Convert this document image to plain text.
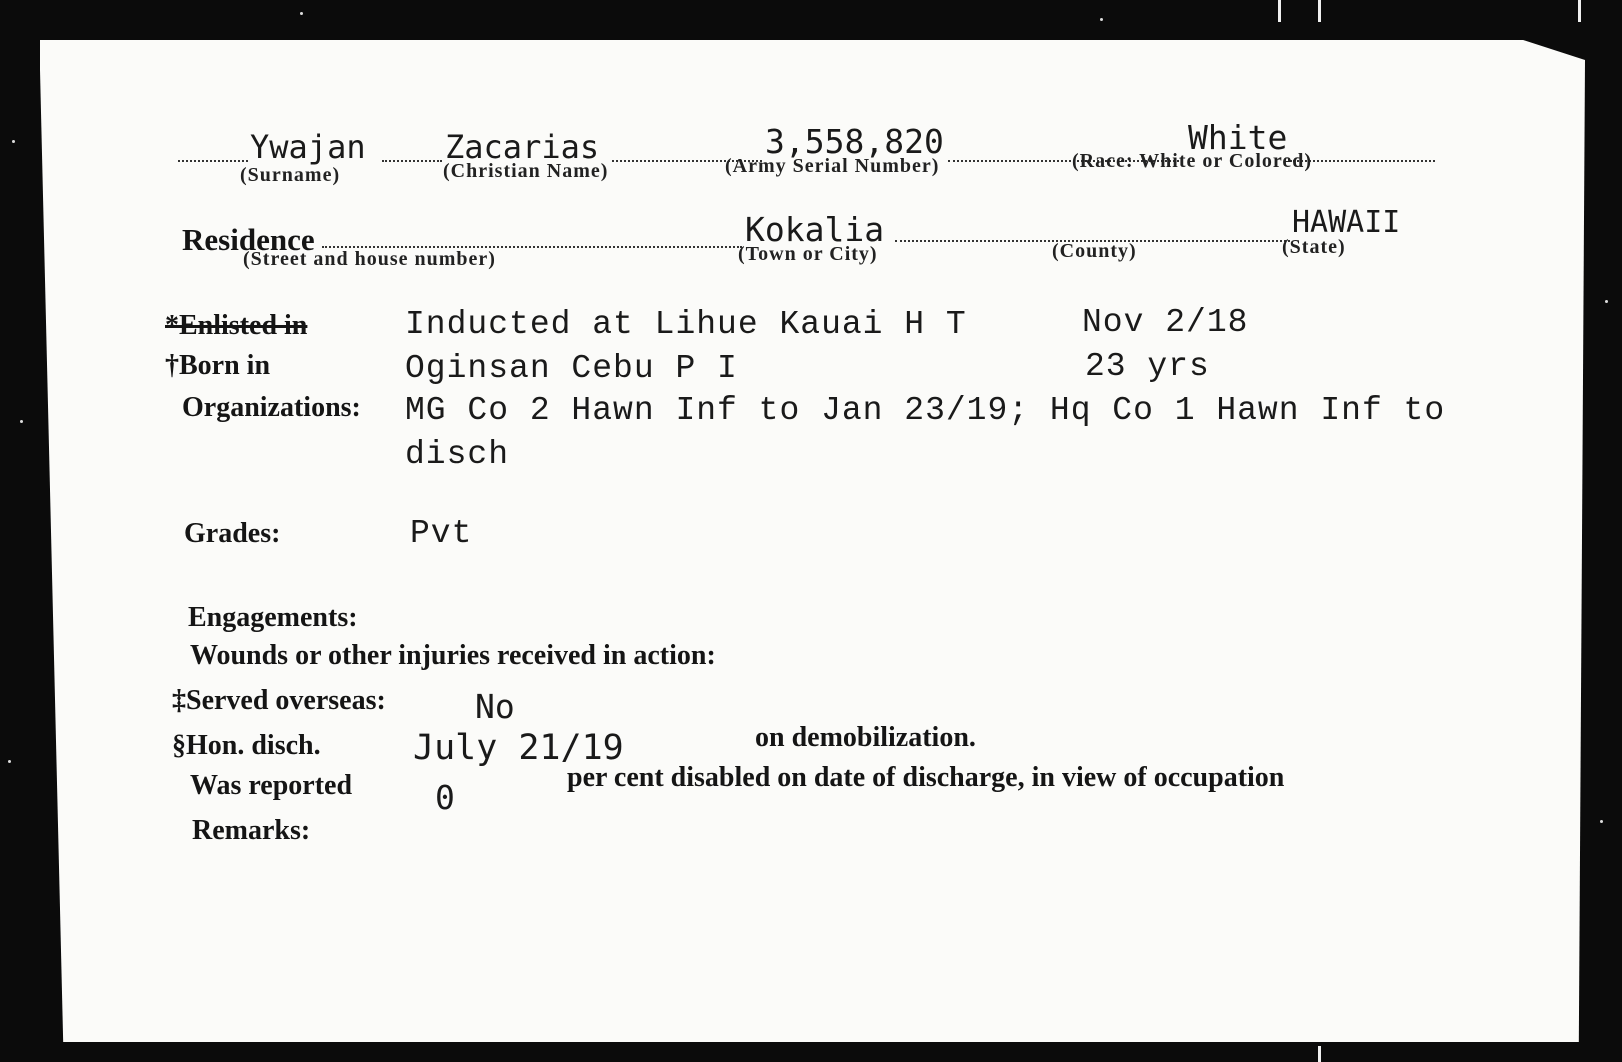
Ywajan Zacarias	3,558,820	White
(Surname)	(Christian Name)	(Army Serial Number)	(Race: White or Colored)
Residence	Kokalia	HAWAII
(Street and house number)	(Town or City)	(County)	(State)
*Enlisted in	Inducted at Lihue Kauai H T	Nov 2/18
†Born in	Oginsan Cebu P I	23 yrs
Organizations: MG Co 2 Hawn Inf to Jan 23/19; Hq Co 1 Hawn Inf to
disch
Grades:	Pvt
Engagements:
Wounds or other injuries received in action:
‡Served overseas:	No
§Hon. disch.	July 21/19	on demobilization.
Was reported	0
per cent disabled on date of discharge, in view of occupation
Remarks:
